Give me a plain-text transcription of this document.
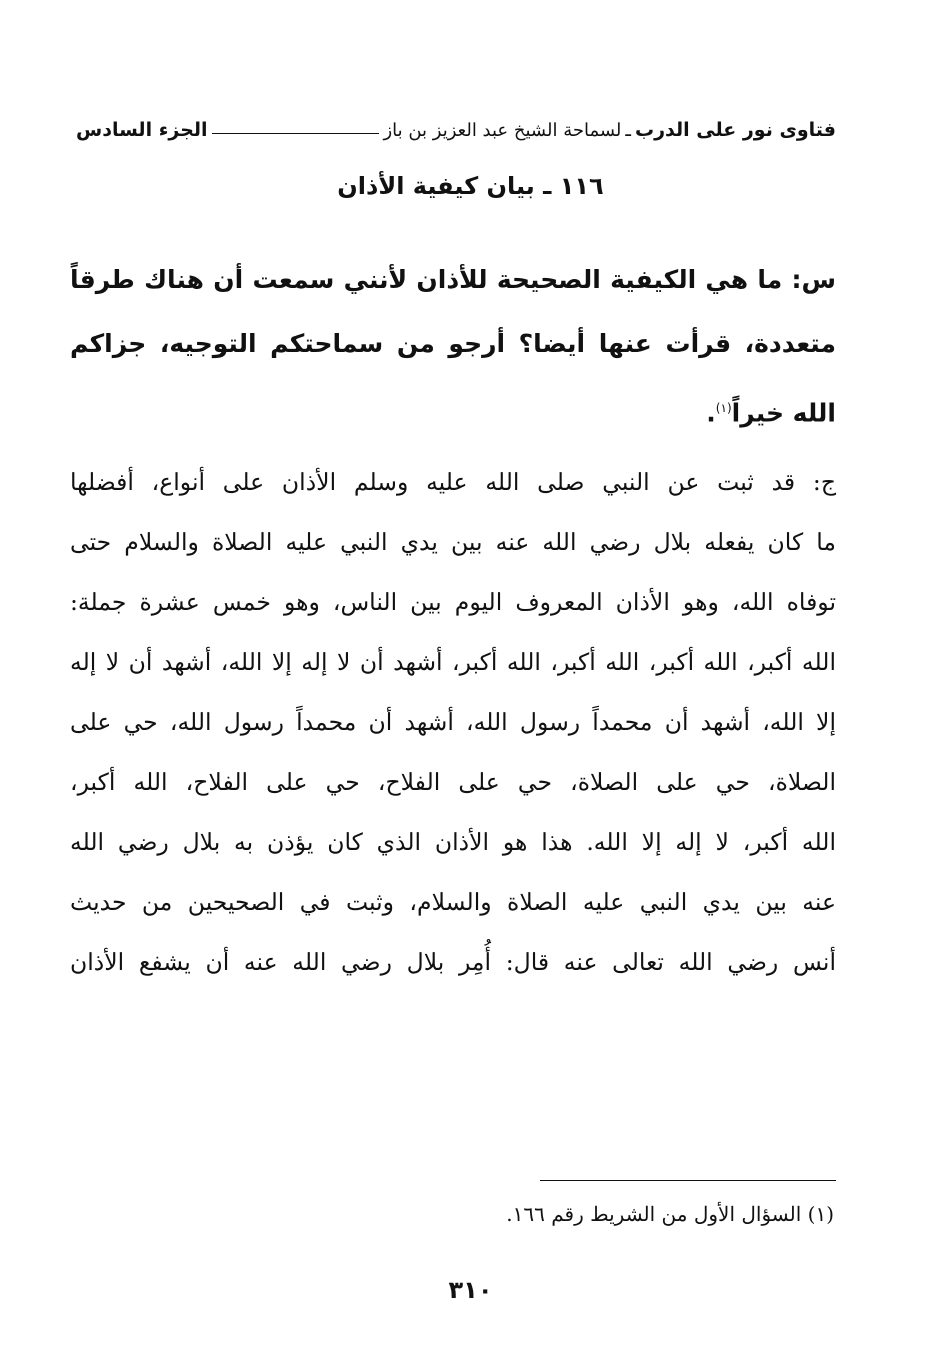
فتاوى نور على الدرب
ـ
لسماحة الشيخ عبد العزيز بن باز
الجزء السادس
١١٦ ـ بيان كيفية الأذان
س: ما هي الكيفية الصحيحة للأذان لأنني سمعت أن هناك طرقاً
متعددة، قرأت عنها أيضا؟ أرجو من سماحتكم التوجيه، جزاكم
الله خيراً$^{(١)}$.
ج: قد ثبت عن النبي صلى الله عليه وسلم الأذان على أنواع، أفضلها
ما كان يفعله بلال رضي الله عنه بين يدي النبي عليه الصلاة والسلام حتى
توفاه الله، وهو الأذان المعروف اليوم بين الناس، وهو خمس عشرة جملة:
الله أكبر، الله أكبر، الله أكبر، الله أكبر، أشهد أن لا إله إلا الله، أشهد أن لا إله
إلا الله، أشهد أن محمداً رسول الله، أشهد أن محمداً رسول الله، حي على
الصلاة، حي على الصلاة، حي على الفلاح، حي على الفلاح، الله أكبر،
الله أكبر، لا إله إلا الله. هذا هو الأذان الذي كان يؤذن به بلال رضي الله
عنه بين يدي النبي عليه الصلاة والسلام، وثبت في الصحيحين من حديث
أنس رضي الله تعالى عنه قال: أُمِر بلال رضي الله عنه أن يشفع الأذان
(١) السؤال الأول من الشريط رقم ١٦٦.
٣١٠
